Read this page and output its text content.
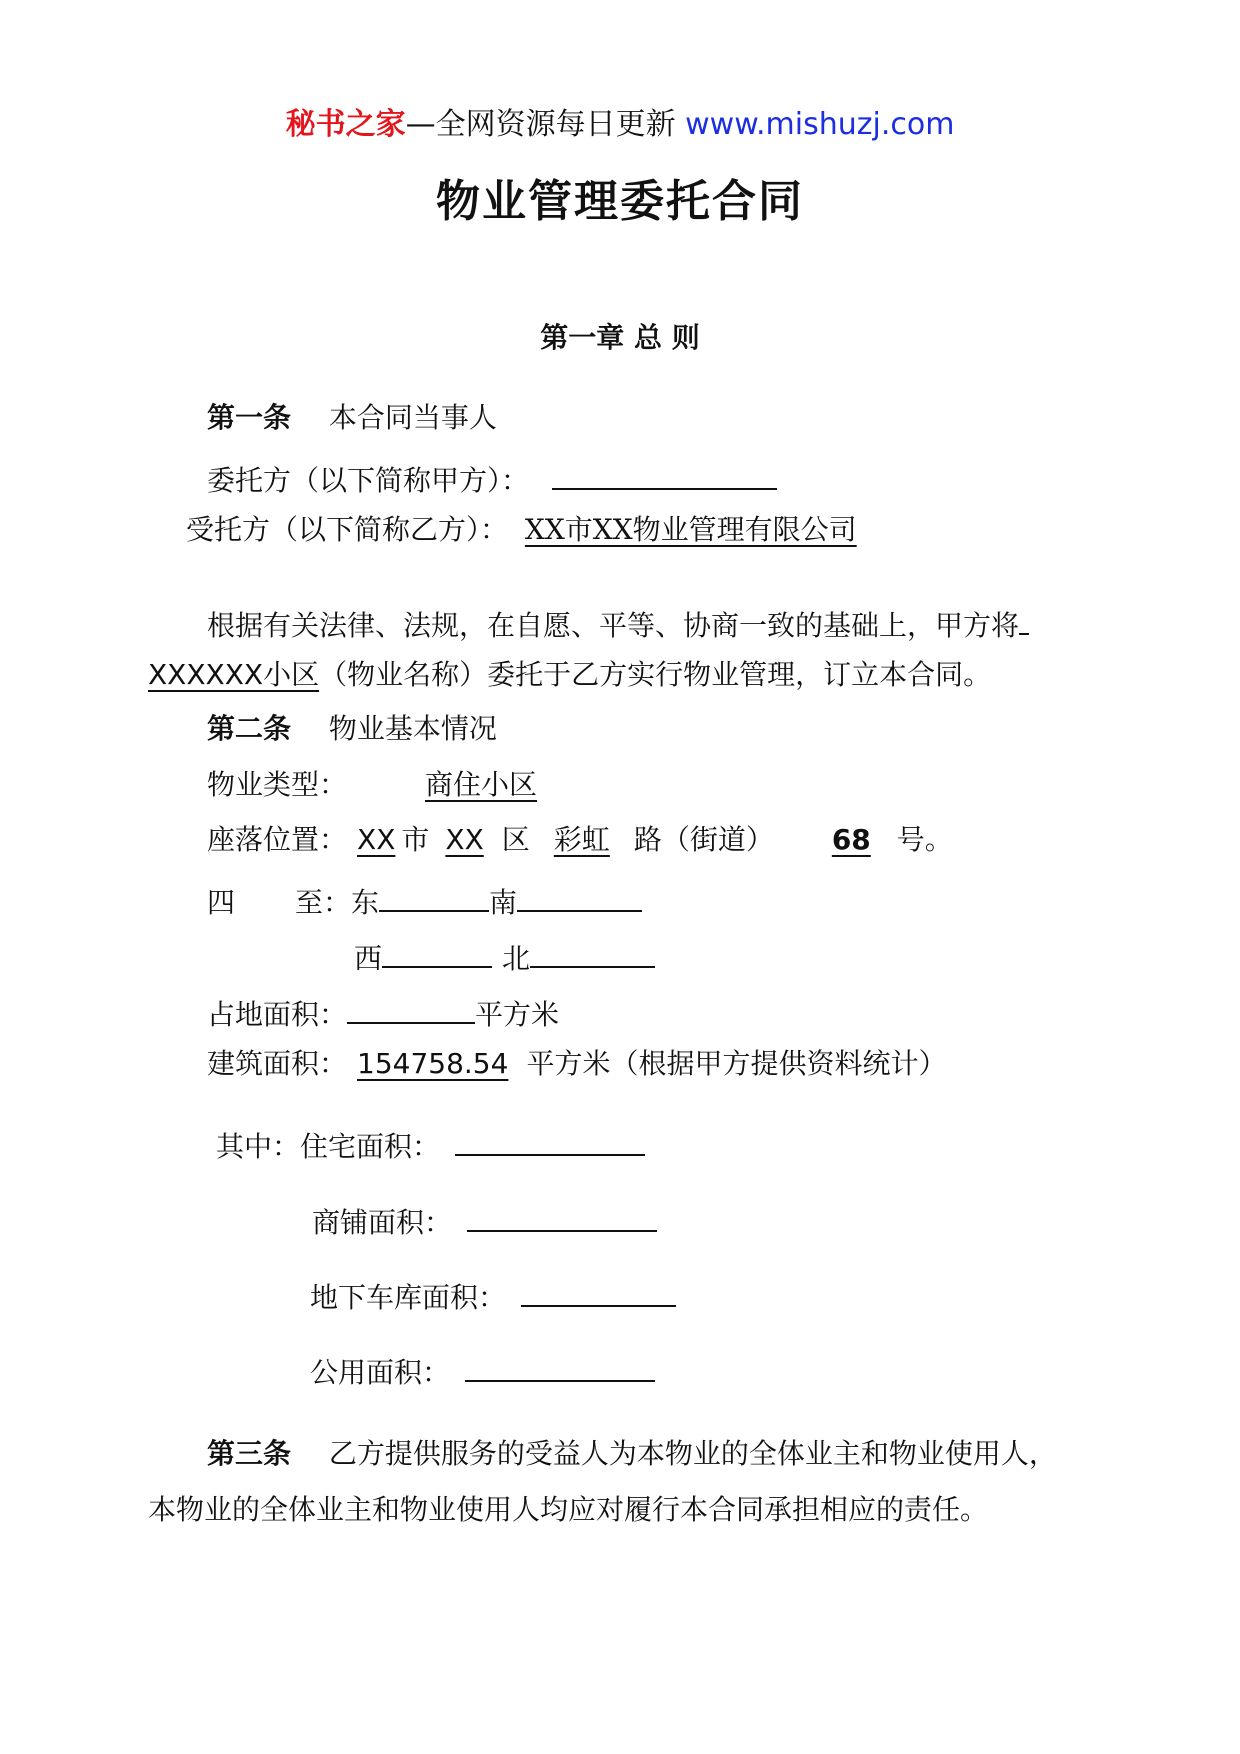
秘书之家—全网资源每日更新 www.mishuzj.com
物业管理委托合同
第一章 总 则
第一条 本合同当事人
委托方（以下简称甲方）：
受托方（以下简称乙方）： XX市XX物业管理有限公司
根据有关法律、法规，在自愿、平等、协商一致的基础上，甲方将
XXXXXX小区（物业名称）委托于乙方实行物业管理，订立本合同。
第二条 物业基本情况
物业类型：	商住小区
座落位置： XX 市 XX 区 彩虹 路（街道） 68 号。
四 至：东	南
西	北
占地面积：	平方米
建筑面积： 154758.54 平方米（根据甲方提供资料统计）
其中：住宅面积：
商铺面积：
地下车库面积：
公用面积：
第三条 乙方提供服务的受益人为本物业的全体业主和物业使用人，
本物业的全体业主和物业使用人均应对履行本合同承担相应的责任。
